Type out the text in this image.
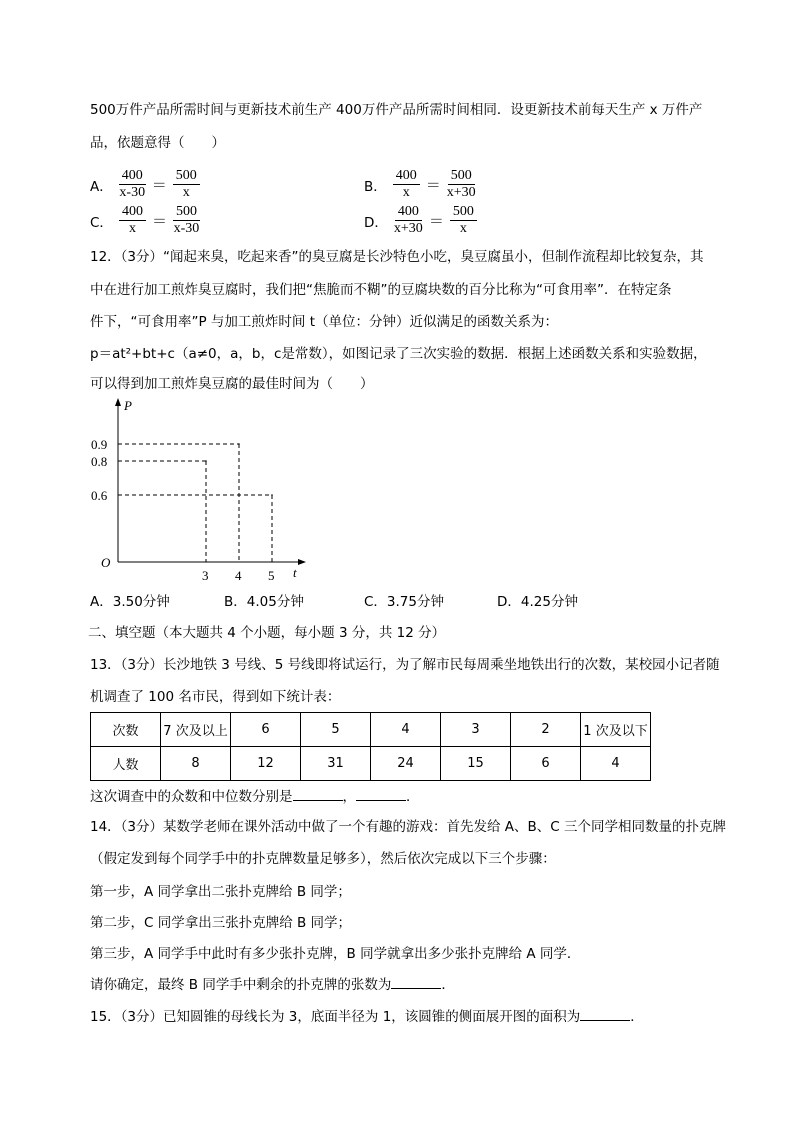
500万件产品所需时间与更新技术前生产 400万件产品所需时间相同．设更新技术前每天生产 x 万件产
品，依题意得（　　）
A． $\frac{400}{x-30} = \frac{500}{x}$	B． $\frac{400}{x} = \frac{500}{x+30}$
C． $\frac{400}{x} = \frac{500}{x-30}$	D． $\frac{400}{x+30} = \frac{500}{x}$
12．（3分）“闻起来臭，吃起来香”的臭豆腐是长沙特色小吃，臭豆腐虽小，但制作流程却比较复杂，其
中在进行加工煎炸臭豆腐时，我们把“焦脆而不糊”的豆腐块数的百分比称为“可食用率”．在特定条
件下，“可食用率”P 与加工煎炸时间 t（单位：分钟）近似满足的函数关系为：
p＝at²+bt+c（a≠0，a，b，c是常数），如图记录了三次实验的数据．根据上述函数关系和实验数据，
可以得到加工煎炸臭豆腐的最佳时间为（　　）
P
t
O
3 4 5
0.9
0.8
0.6
A．3.50分钟	B．4.05分钟	C．3.75分钟	D．4.25分钟
二、填空题（本大题共 4 个小题，每小题 3 分，共 12 分）
13．（3分）长沙地铁 3 号线、5 号线即将试运行，为了解市民每周乘坐地铁出行的次数，某校园小记者随
机调查了 100 名市民，得到如下统计表：
次数	7 次及以上	6	5	4	3	2	1 次及以下
人数	8	12	31	24	15	6	4
这次调查中的众数和中位数分别是	，	．
14．（3分）某数学老师在课外活动中做了一个有趣的游戏：首先发给 A、B、C 三个同学相同数量的扑克牌
（假定发到每个同学手中的扑克牌数量足够多），然后依次完成以下三个步骤：
第一步，A 同学拿出二张扑克牌给 B 同学；
第二步，C 同学拿出三张扑克牌给 B 同学；
第三步，A 同学手中此时有多少张扑克牌，B 同学就拿出多少张扑克牌给 A 同学．
请你确定，最终 B 同学手中剩余的扑克牌的张数为	．
15．（3分）已知圆锥的母线长为 3，底面半径为 1，该圆锥的侧面展开图的面积为	．
